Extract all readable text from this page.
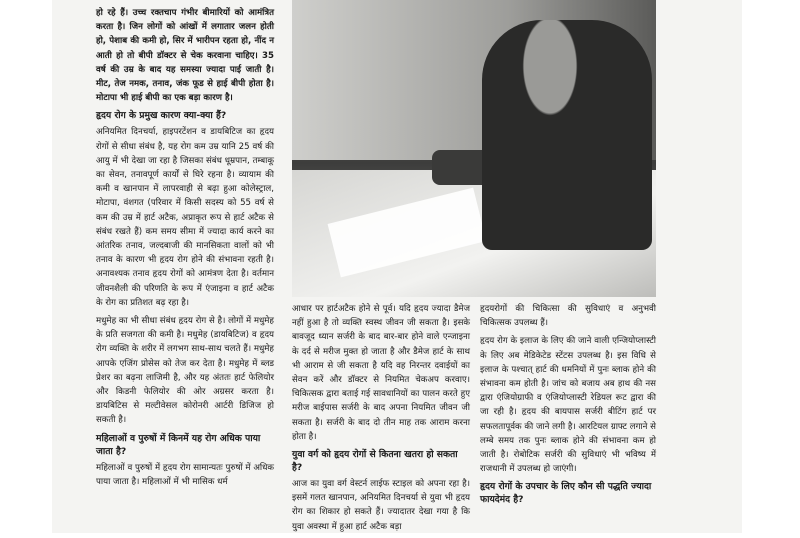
हो रहे हैं। उच्च रक्तचाप गंभीर बीमारियों को आमंत्रित करता है। जिन लोगों को आंखों में लगातार जलन होती हो, पेशाब की कमी हो, सिर में भारीपन रहता हो, नींद न आती हो तो बीपी डॉक्टर से चेक करवाना चाहिए। 35 वर्ष की उम्र के बाद यह समस्या ज्यादा पाई जाती है। मीट, तेज नमक, तनाव, जंक फूड से हाई बीपी होता है। मोटापा भी हाई बीपी का एक बड़ा कारण है।

हृदय रोग के प्रमुख कारण क्या-क्या हैं?

अनियमित दिनचर्या, हाइपरटेंशन व डायबिटिज का हृदय रोगों से सीधा संबंध है, यह रोग कम उम्र यानि 25 वर्ष की आयु में भी देखा जा रहा है जिसका संबंध धूम्रपान, तम्बाकू का सेवन, तनावपूर्ण कार्यों से घिरे रहना है। व्यायाम की कमी व खानपान में लापरवाही से बढ़ा हुआ कोलेस्ट्राल, मोटापा, वंशगत (परिवार में किसी सदस्य को 55 वर्ष से कम की उम्र में हार्ट अटैक, अप्राकृत रूप से हार्ट अटैक से संबंध रखते हैं) कम समय सीमा में ज्यादा कार्य करने का आंतरिक तनाव, जल्दबाजी की मानसिकता वालों को भी तनाव के कारण भी हृदय रोग होने की संभावना रहती है। अनावश्यक तनाव हृदय रोगों को आमंत्रण देता है। वर्तमान जीवनशैली की परिणति के रूप में एंजाइना व हार्ट अटैक के रोग का प्रतिशत बढ़ रहा है।

मधुमेह का भी सीधा संबंध हृदय रोग से है। लोगों में मधुमेह के प्रति सजगता की कमी है। मधुमेह (डायबिटिज) व हृदय रोग व्यक्ति के शरीर में लगभग साथ-साथ चलते हैं। मधुमेह आपके एजिंग प्रोसेस को तेज कर देता है। मधुमेह में ब्लड प्रेशर का बढ़ना लाजिमी है, और यह अंततः हार्ट फेलियोर और किडनी फेलियोर की ओर अग्रसर करता है। डायबिटिस से मल्टीवेसल कोरोनरी आर्टरी डिजिज हो सकती है।

महिलाओं व पुरुषों में किनमें यह रोग अधिक पाया जाता है?

महिलाओं व पुरुषों में हृदय रोग सामान्यतः पुरुषों में अधिक पाया जाता है। महिलाओं में भी मासिक धर्म

आधार पर हार्टअटैक होने से पूर्व। यदि हृदय ज्यादा डैमेज नहीं हुआ है तो व्यक्ति स्वस्थ जीवन जी सकता है। इसके बावजूद ध्यान सर्जरी के बाद बार-बार होने वाले एन्जाइना के दर्द से मरीज मुक्त हो जाता है और डैमेज हार्ट के साथ भी आराम से जी सकता है यदि वह निरन्तर दवाईयों का सेवन करें और डॉक्टर से नियमित चेकअप करवाए। चिकित्सक द्वारा बताई गई सावधानियों का पालन करते हुए मरीज बाईपास सर्जरी के बाद अपना नियमित जीवन जी सकता है। सर्जरी के बाद दो तीन माह तक आराम करना होता है।

युवा वर्ग को हृदय रोगों से कितना खतरा हो सकता है?

आज का युवा वर्ग वेस्टर्न लाईफ स्टाइल को अपना रहा है। इसमें गलत खानपान, अनियमित दिनचर्या से युवा भी हृदय रोग का शिकार हो सकते हैं। ज्यादातर देखा गया है कि युवा अवस्था में हुआ हार्ट अटैक बड़ा

हृदयरोगों की चिकित्सा की सुविधाएं व अनुभवी चिकित्सक उपलब्ध हैं।

हृदय रोग के इलाज के लिए की जाने वाली एन्जियोप्लास्टी के लिए अब मेडिकेटेड स्टेंटस उपलब्ध है। इस विधि से इलाज के पश्चात् हार्ट की धमनियों में पुनः ब्लाक होने की संभावना कम होती है। जांच को बजाय अब हाथ की नस द्वारा एंजियोग्राफी व एंजियोप्लास्टी रेडियल रूट द्वारा की जा रही है। हृदय की बायपास सर्जरी बीटिंग हार्ट पर सफलतापूर्वक की जाने लगी है। आरटियल ग्राफ्ट लगाने से लम्बे समय तक पुनः ब्लाक होने की संभावना कम हो जाती है। रोबोटिक सर्जरी की सुविधाएं भी भविष्य में राजधानी में उपलब्ध हो जाएंगी।

हृदय रोगों के उपचार के लिए कौन सी पद्धति ज्यादा फायदेमंद है?
